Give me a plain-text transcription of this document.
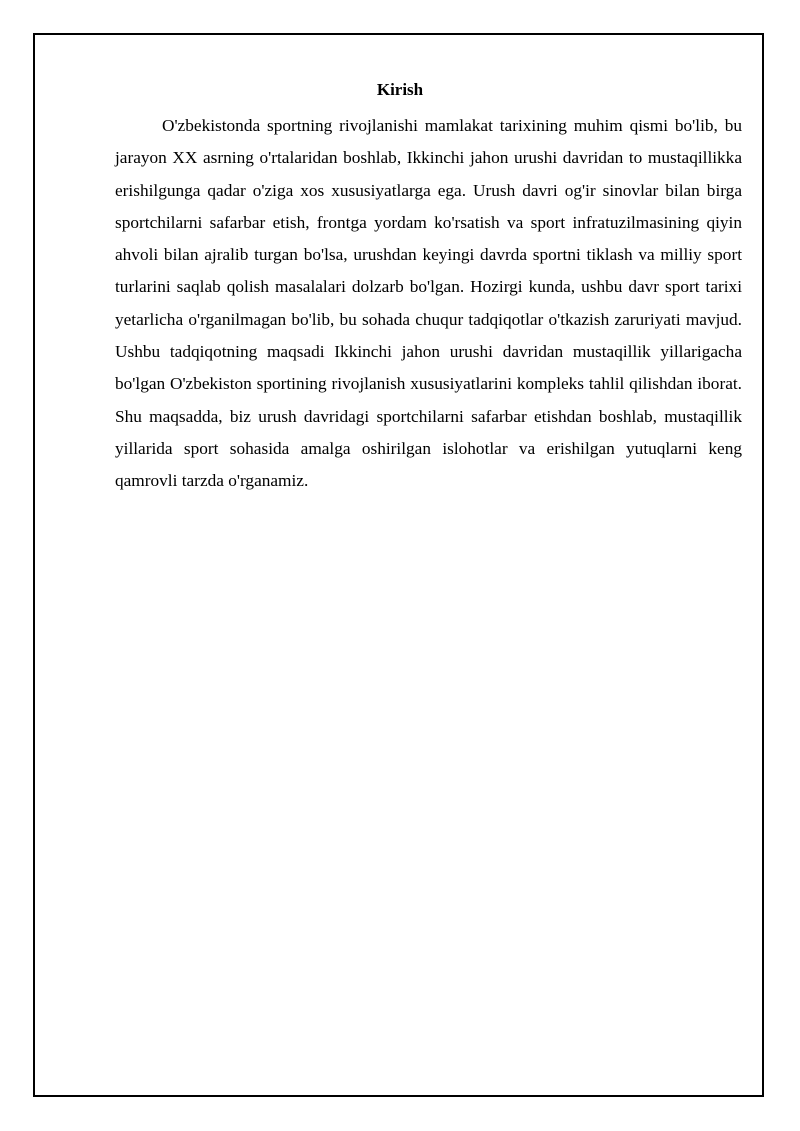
Kirish

O'zbekistonda sportning rivojlanishi mamlakat tarixining muhim qismi bo'lib, bu jarayon XX asrning o'rtalaridan boshlab, Ikkinchi jahon urushi davridan to mustaqillikka erishilgunga qadar o'ziga xos xususiyatlarga ega. Urush davri og'ir sinovlar bilan birga sportchilarni safarbar etish, frontga yordam ko'rsatish va sport infratuzilmasining qiyin ahvoli bilan ajralib turgan bo'lsa, urushdan keyingi davrda sportni tiklash va milliy sport turlarini saqlab qolish masalalari dolzarb bo'lgan. Hozirgi kunda, ushbu davr sport tarixi yetarlicha o'rganilmagan bo'lib, bu sohada chuqur tadqiqotlar o'tkazish zaruriyati mavjud. Ushbu tadqiqotning maqsadi Ikkinchi jahon urushi davridan mustaqillik yillarigacha bo'lgan O'zbekiston sportining rivojlanish xususiyatlarini kompleks tahlil qilishdan iborat. Shu maqsadda, biz urush davridagi sportchilarni safarbar etishdan boshlab, mustaqillik yillarida sport sohasida amalga oshirilgan islohotlar va erishilgan yutuqlarni keng qamrovli tarzda o'rganamiz.
